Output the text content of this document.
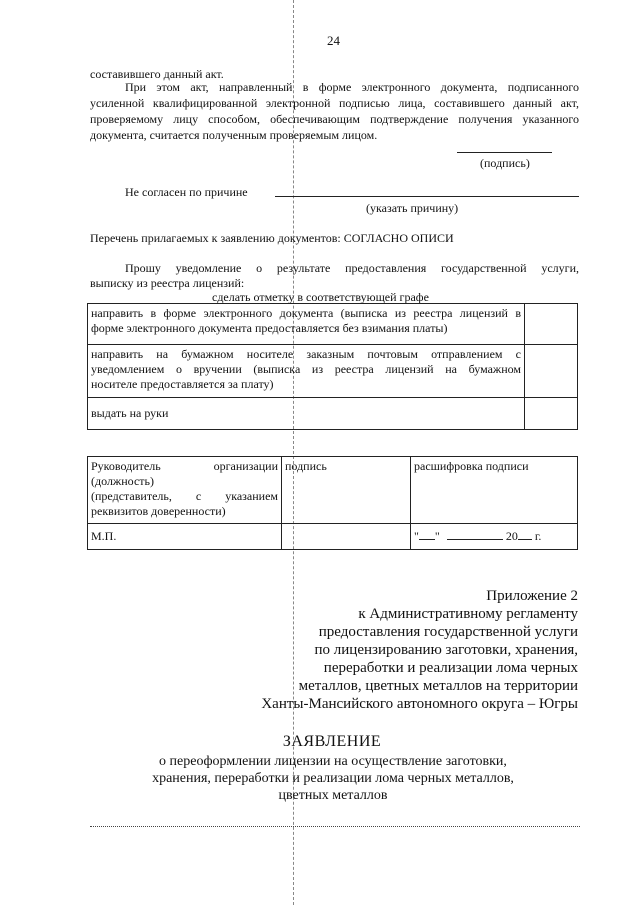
24
составившего данный акт.
При этом акт, направленный в форме электронного документа, подписанного
усиленной квалифицированной электронной подписью лица, составившего данный акт,
проверяемому лицу способом, обеспечивающим подтверждение получения указанного
документа, считается полученным проверяемым лицом.
(подпись)
Не согласен по причине
(указать причину)
Перечень прилагаемых к заявлению документов: СОГЛАСНО ОПИСИ
Прошу уведомление о результате предоставления государственной услуги,
выписку из реестра лицензий:
сделать отметку в соответствующей графе
направить в форме электронного документа (выписка из реестра лицензий в
форме электронного документа предоставляется без взимания платы)	

направить на бумажном носителе заказным почтовым отправлением с
уведомлением о вручении (выписка из реестра лицензий на бумажном
носителе предоставляется за плату)	

выдать на руки	

Руководитель организации
(должность)
(представитель, с указанием
реквизитов доверенности)	подпись	расшифровка подписи

М.П.		" " 20 г.
Приложение 2
к Административному регламенту
предоставления государственной услуги
по лицензированию заготовки, хранения,
переработки и реализации лома черных
металлов, цветных металлов на территории
Ханты-Мансийского автономного округа – Югры
ЗАЯВЛЕНИЕ
о переоформлении лицензии на осуществление заготовки,
хранения, переработки и реализации лома черных металлов,
цветных металлов
